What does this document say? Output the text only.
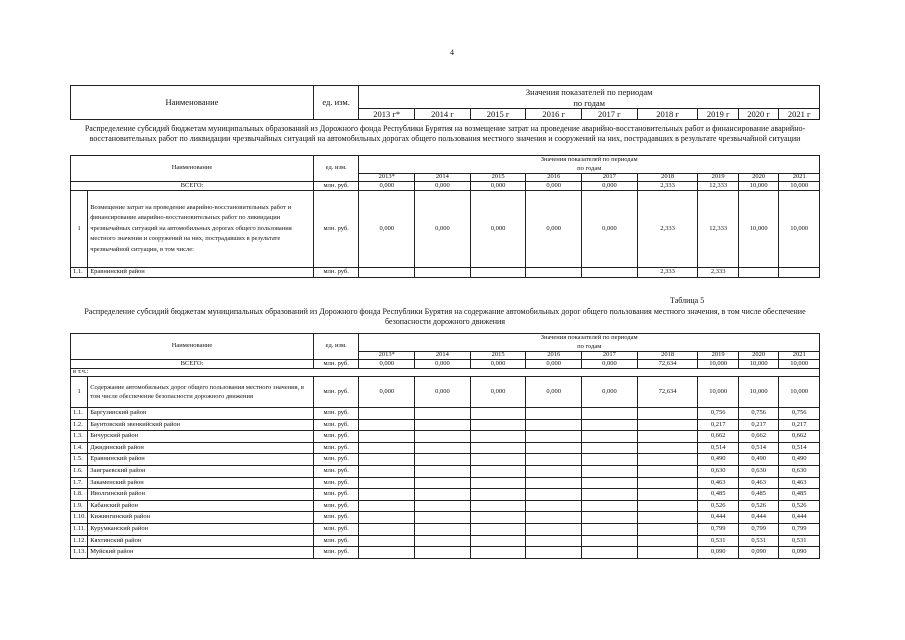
4
Наименование	ед. изм.	Значения показателей по периодам								
		по годам								
		2013 г*	2014 г	2015 г	2016 г	2017 г	2018 г	2019 г	2020 г	2021 г
Распределение субсидий бюджетам муниципальных образований из Дорожного фонда Республики Бурятия на возмещение затрат на проведение аварийно-восстановительных работ и финансирование аварийно-восстановительных работ по ликвидации чрезвычайных ситуаций на автомобильных дорогах общего пользования местного значения и сооружений на них, пострадавших в результате чрезвычайной ситуации
Наименование		ед. изм.	Значения показателей по периодам								
			по годам								
			2013*	2014	2015	2016	2017	2018	2019	2020	2021
ВСЕГО:		млн. руб.	0,000	0,000	0,000	0,000	0,000	2,333	12,333	10,000	10,000
1	Возмещение затрат на проведение аварийно-восстановительных работ и финансирование аварийно-восстановительных работ по ликвидации чрезвычайных ситуаций на автомобильных дорогах общего пользования местного значения и сооружений на них, пострадавших в результате чрезвычайной ситуации, в том числе:	млн. руб.	0,000	0,000	0,000	0,000	0,000	2,333	12,333	10,000	10,000
1.1.	Еравнинский район	млн. руб.						2,333	2,333		
Таблица 5
Распределение субсидий бюджетам муниципальных образований из Дорожного фонда Республики Бурятия на содержание автомобильных дорог общего пользования местного значения, в том числе обеспечение безопасности дорожного движения
Наименование		ед. изм.	Значения показателей по периодам								
			по годам								
			2013*	2014	2015	2016	2017	2018	2019	2020	2021
ВСЕГО:		млн. руб.	0,000	0,000	0,000	0,000	0,000	72,634	10,000	10,000	10,000
в т.ч.:											
1	Содержание автомобильных дорог общего пользования местного значения, в том числе обеспечение безопасности дорожного движения	млн. руб.	0,000	0,000	0,000	0,000	0,000	72,634	10,000	10,000	10,000
1.1.	Баргузинский район	млн. руб.							0,756	0,756	0,756
1.2.	Баунтовский эвенкийский район	млн. руб.							0,217	0,217	0,217
1.3.	Бичурский район	млн. руб.							0,662	0,662	0,662
1.4.	Джидинский район	млн. руб.							0,514	0,514	0,514
1.5.	Еравнинский район	млн. руб.							0,490	0,490	0,490
1.6.	Заиграевский район	млн. руб.							0,630	0,630	0,630
1.7.	Закаменский район	млн. руб.							0,463	0,463	0,463
1.8.	Иволгинский район	млн. руб.							0,485	0,485	0,485
1.9.	Кабанский район	млн. руб.							0,526	0,526	0,526
1.10.	Кижингинский район	млн. руб.							0,444	0,444	0,444
1.11.	Курумканский район	млн. руб.							0,799	0,799	0,799
1.12.	Кяхтинский район	млн. руб.							0,531	0,531	0,531
1.13.	Муйский район	млн. руб.							0,090	0,090	0,090
